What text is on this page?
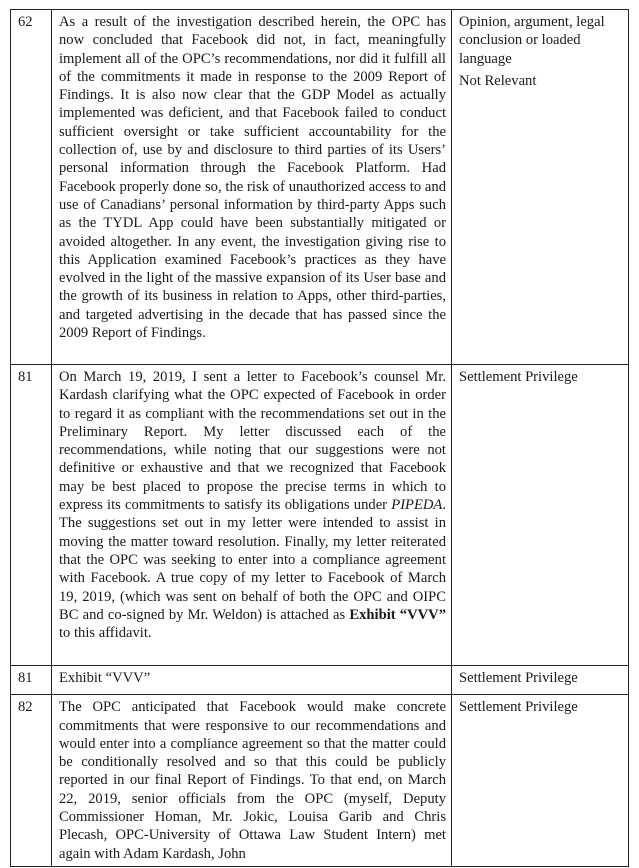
62	As a result of the investigation described herein, the OPC has now concluded that Facebook did not, in fact, meaningfully implement all of the OPC’s recommendations, nor did it fulfill all of the commitments it made in response to the 2009 Report of Findings. It is also now clear that the GDP Model as actually implemented was deficient, and that Facebook failed to conduct sufficient oversight or take sufficient accountability for the collection of, use by and disclosure to third parties of its Users’ personal information through the Facebook Platform. Had Facebook properly done so, the risk of unauthorized access to and use of Canadians’ personal information by third-party Apps such as the TYDL App could have been substantially mitigated or avoided altogether. In any event, the investigation giving rise to this Application examined Facebook’s practices as they have evolved in the light of the massive expansion of its User base and the growth of its business in relation to Apps, other third-parties, and targeted advertising in the decade that has passed since the 2009 Report of Findings.	Opinion, argument, legal conclusion or loaded language
Not Relevant

81	On March 19, 2019, I sent a letter to Facebook’s counsel Mr. Kardash clarifying what the OPC expected of Facebook in order to regard it as compliant with the recommendations set out in the Preliminary Report. My letter discussed each of the recommendations, while noting that our suggestions were not definitive or exhaustive and that we recognized that Facebook may be best placed to propose the precise terms in which to express its commitments to satisfy its obligations under PIPEDA. The suggestions set out in my letter were intended to assist in moving the matter toward resolution. Finally, my letter reiterated that the OPC was seeking to enter into a compliance agreement with Facebook. A true copy of my letter to Facebook of March 19, 2019, (which was sent on behalf of both the OPC and OIPC BC and co-signed by Mr. Weldon) is attached as Exhibit “VVV” to this affidavit.	Settlement Privilege

81	Exhibit “VVV”	Settlement Privilege

82	The OPC anticipated that Facebook would make concrete commitments that were responsive to our recommendations and would enter into a compliance agreement so that the matter could be conditionally resolved and so that this could be publicly reported in our final Report of Findings. To that end, on March 22, 2019, senior officials from the OPC (myself, Deputy Commissioner Homan, Mr. Jokic, Louisa Garib and Chris Plecash, OPC-University of Ottawa Law Student Intern) met again with Adam Kardash, John	Settlement Privilege
